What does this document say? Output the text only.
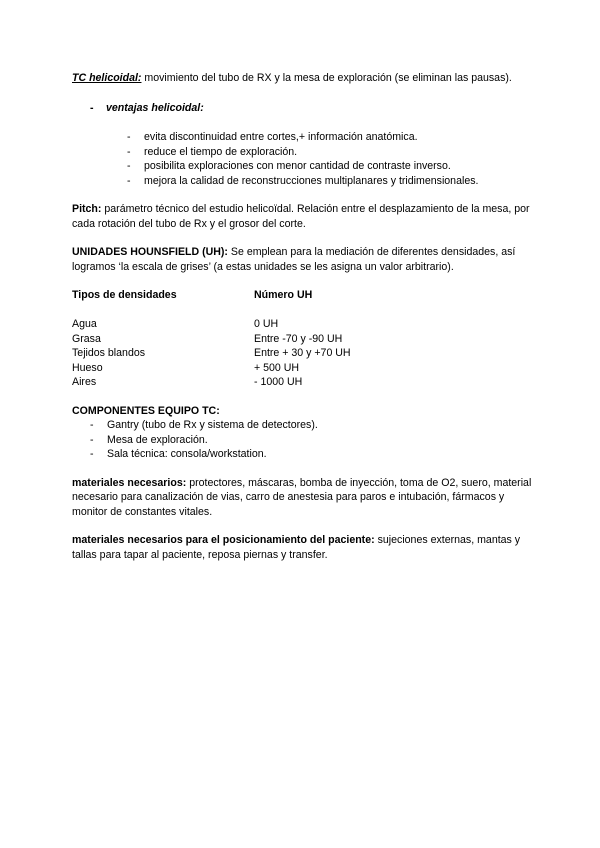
TC helicoidal: movimiento del tubo de RX y la mesa de exploración (se eliminan las pausas).

-	ventajas helicoidal:
-	evita discontinuidad entre cortes,+ información anatómica.
-	reduce el tiempo de exploración.
-	posibilita exploraciones con menor cantidad de contraste inverso.
-	mejora la calidad de reconstrucciones multiplanares y tridimensionales.

Pitch: parámetro técnico del estudio helicoïdal. Relación entre el desplazamiento de la mesa, por cada rotación del tubo de Rx y el grosor del corte.

UNIDADES HOUNSFIELD (UH): Se emplean para la mediación de diferentes densidades, así logramos ‘la escala de grises’ (a estas unidades se les asigna un valor arbitrario).

Tipos de densidades	Número UH

Agua	0 UH
Grasa	Entre -70 y -90 UH
Tejidos blandos	Entre + 30 y +70 UH
Hueso	+ 500 UH
Aires	- 1000 UH

COMPONENTES EQUIPO TC:

-	Gantry (tubo de Rx y sistema de detectores).
-	Mesa de exploración.
-	Sala técnica: consola/workstation.

materiales necesarios: protectores, máscaras, bomba de inyección, toma de O2, suero, material necesario para canalización de vias, carro de anestesia para paros e intubación, fármacos y monitor de constantes vitales.

materiales necesarios para el posicionamiento del paciente: sujeciones externas, mantas y tallas para tapar al paciente, reposa piernas y transfer.
